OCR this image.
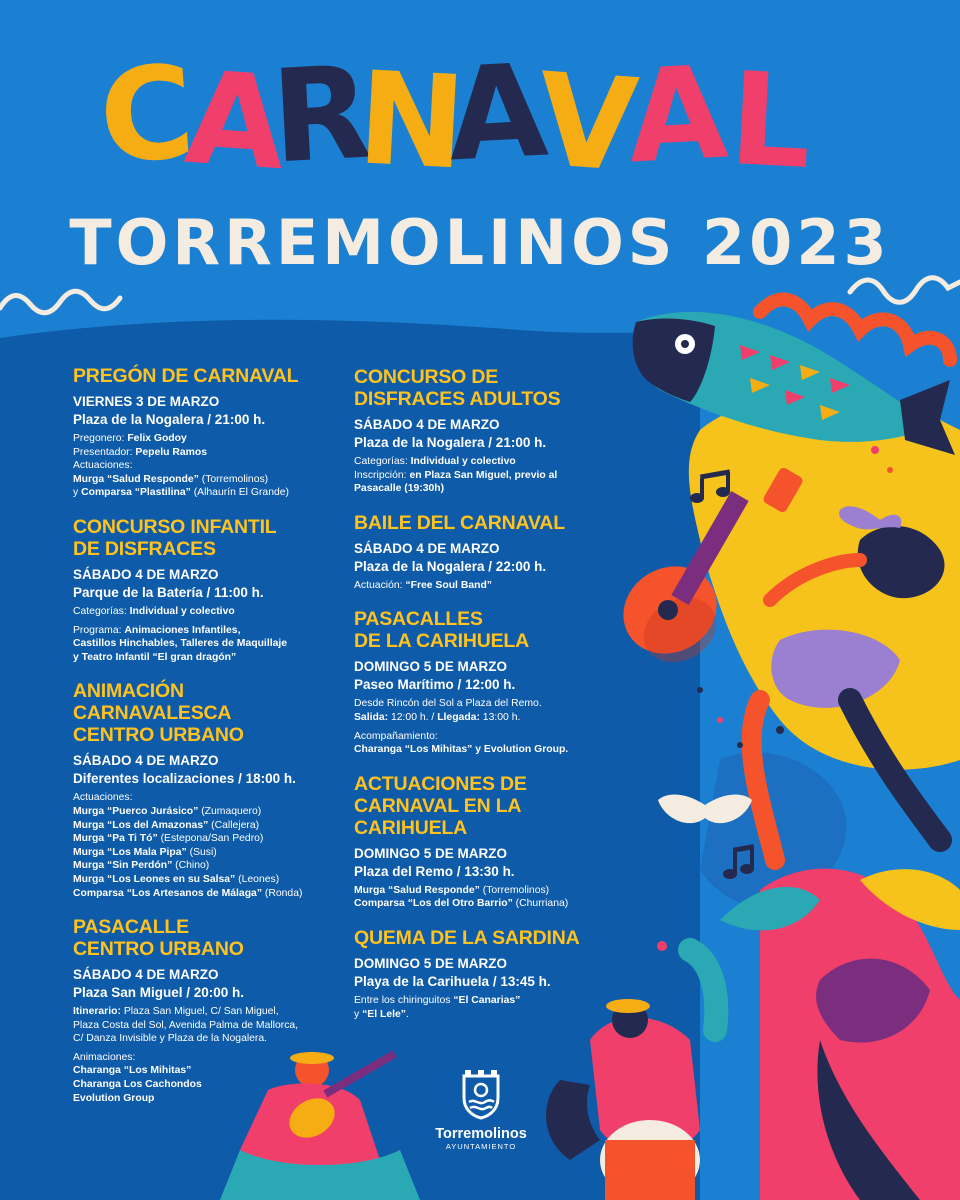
C
A
R
N
A
V
A
L
TORREMOLINOS 2023
PREGÓN DE CARNAVAL
VIERNES 3 DE MARZO
Plaza de la Nogalera / 21:00 h.
Pregonero: Felix Godoy
Presentador: Pepelu Ramos
Actuaciones:
Murga “Salud Responde” (Torremolinos)
y Comparsa “Plastilina” (Alhaurín El Grande)
CONCURSO INFANTIL
DE DISFRACES
SÁBADO 4 DE MARZO
Parque de la Batería / 11:00 h.
Categorías: Individual y colectivo
Programa: Animaciones Infantiles,
Castillos Hinchables, Talleres de Maquillaje
y Teatro Infantil “El gran dragón”
ANIMACIÓN
CARNAVALESCA
CENTRO URBANO
SÁBADO 4 DE MARZO
Diferentes localizaciones / 18:00 h.
Actuaciones:
Murga “Puerco Jurásico” (Zumaquero)
Murga “Los del Amazonas” (Callejera)
Murga “Pa Ti Tó” (Estepona/San Pedro)
Murga “Los Mala Pipa” (Susi)
Murga “Sin Perdón” (Chino)
Murga “Los Leones en su Salsa” (Leones)
Comparsa “Los Artesanos de Málaga” (Ronda)
PASACALLE
CENTRO URBANO
SÁBADO 4 DE MARZO
Plaza San Miguel / 20:00 h.
Itinerario: Plaza San Miguel, C/ San Miguel,
Plaza Costa del Sol, Avenida Palma de Mallorca,
C/ Danza Invisible y Plaza de la Nogalera.
Animaciones:
Charanga “Los Mihitas”
Charanga Los Cachondos
Evolution Group
CONCURSO DE
DISFRACES ADULTOS
SÁBADO 4 DE MARZO
Plaza de la Nogalera / 21:00 h.
Categorías: Individual y colectivo
Inscripción: en Plaza San Miguel, previo al
Pasacalle (19:30h)
BAILE DEL CARNAVAL
SÁBADO 4 DE MARZO
Plaza de la Nogalera / 22:00 h.
Actuación: “Free Soul Band”
PASACALLES
DE LA CARIHUELA
DOMINGO 5 DE MARZO
Paseo Marítimo / 12:00 h.
Desde Rincón del Sol a Plaza del Remo.
Salida: 12:00 h. / Llegada: 13:00 h.
Acompañamiento:
Charanga “Los Mihitas” y Evolution Group.
ACTUACIONES DE
CARNAVAL EN LA
CARIHUELA
DOMINGO 5 DE MARZO
Plaza del Remo / 13:30 h.
Murga “Salud Responde” (Torremolinos)
Comparsa “Los del Otro Barrio” (Churriana)
QUEMA DE LA SARDINA
DOMINGO 5 DE MARZO
Playa de la Carihuela / 13:45 h.
Entre los chiringuitos “El Canarias”
y “El Lele”.
Torremolinos
AYUNTAMIENTO
